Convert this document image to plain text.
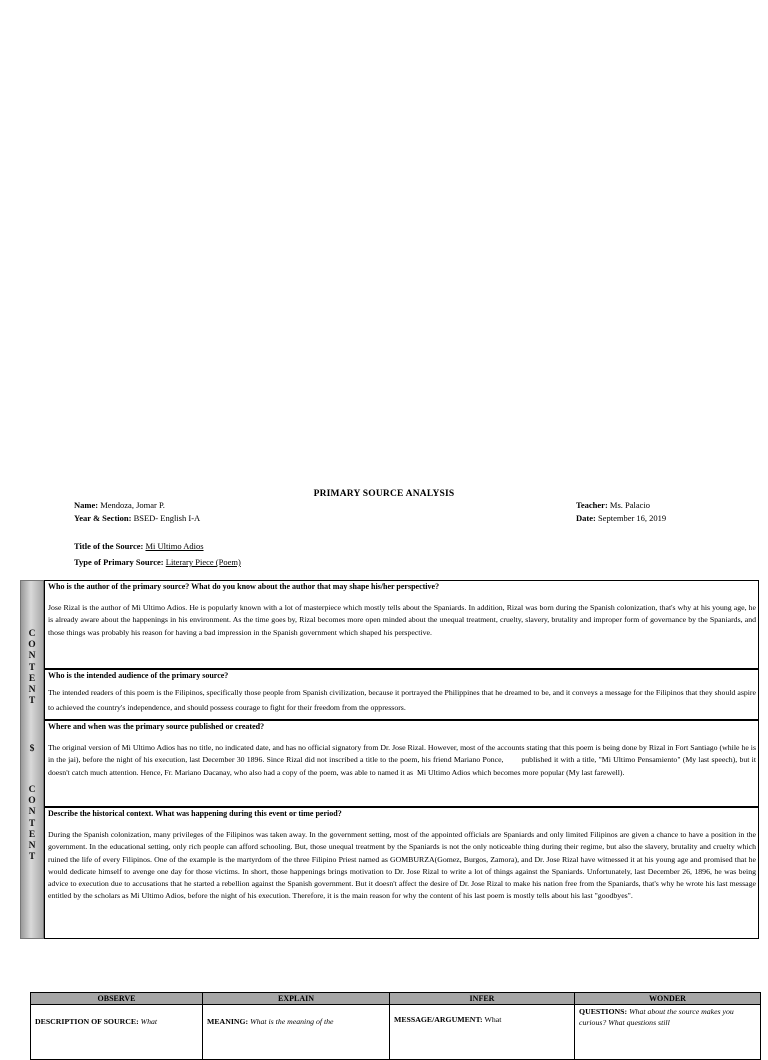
PRIMARY SOURCE ANALYSIS
Name: Mendoza, Jomar P.
Year & Section: BSED- English I-A
Teacher: Ms. Palacio
Date: September 16, 2019
Title of the Source: Mi Ultimo Adios
Type of Primary Source: Literary Piece (Poem)
C
O
N
T
E
N
T
$
C
O
N
T
E
N
T
Who is the author of the primary source? What do you know about the author that may shape his/her perspective?

Jose Rizal is the author of Mi Ultimo Adios. He is popularly known with a lot of masterpiece which mostly tells about the Spaniards. In addition, Rizal was born during the Spanish colonization, that's why at his young age, he is already aware about the happenings in his environment. As the time goes by, Rizal becomes more open minded about the unequal treatment, cruelty, slavery, brutality and improper form of governance by the Spaniards, and those things was probably his reason for having a bad impression in the Spanish government which shaped his perspective.

Who is the intended audience of the primary source?

The intended readers of this poem is the Filipinos, specifically those people from Spanish civilization, because it portrayed the Philippines that he dreamed to be, and it conveys a message for the Filipinos that they should aspire to achieved the country's independence, and should possess courage to fight for their freedom from the oppressors.

Where and when was the primary source published or created?

The original version of Mi Ultimo Adios has no title, no indicated date, and has no official signatory from Dr. Jose Rizal. However, most of the accounts stating that this poem is being done by Rizal in Fort Santiago (while he is in the jai), before the night of his execution, last December 30 1896. Since Rizal did not inscribed a title to the poem, his friend Mariano Ponce,        published it with a title, "Mi Ultimo Pensamiento" (My last speech), but it doesn't catch much attention. Hence, Fr. Mariano Dacanay, who also had a copy of the poem, was able to named it as  Mi Ultimo Adios which becomes more popular (My last farewell).

Describe the historical context. What was happening during this event or time period?

During the Spanish colonization, many privileges of the Filipinos was taken away. In the government setting, most of the appointed officials are Spaniards and only limited Filipinos are given a chance to have a position in the government. In the educational setting, only rich people can afford schooling. But, those unequal treatment by the Spaniards is not the only noticeable thing during their regime, but also the slavery, brutality and cruelty which ruined the life of every Filipinos. One of the example is the martyrdom of the three Filipino Priest named as GOMBURZA(Gomez, Burgos, Zamora), and Dr. Jose Rizal have witnessed it at his young age and promised that he would dedicate himself to avenge one day for those victims. In short, those happenings brings motivation to Dr. Jose Rizal to write a lot of things against the Spaniards. Unfortunately, last December 26, 1896, he was being advice to execution due to accusations that he started a rebellion against the Spanish government. But it doesn't affect the desire of Dr. Jose Rizal to make his nation free from the Spaniards, that's why he wrote his last message entitled by the scholars as Mi Ultimo Adios, before the night of his execution. Therefore, it is the main reason for why the content of his last poem is mostly tells about his last "goodbyes".

OBSERVE	EXPLAIN	INFER	WONDER
DESCRIPTION OF SOURCE: What	MEANING: What is the meaning of the	MESSAGE/ARGUMENT: What	QUESTIONS: What about the source makes you curious? What questions still
